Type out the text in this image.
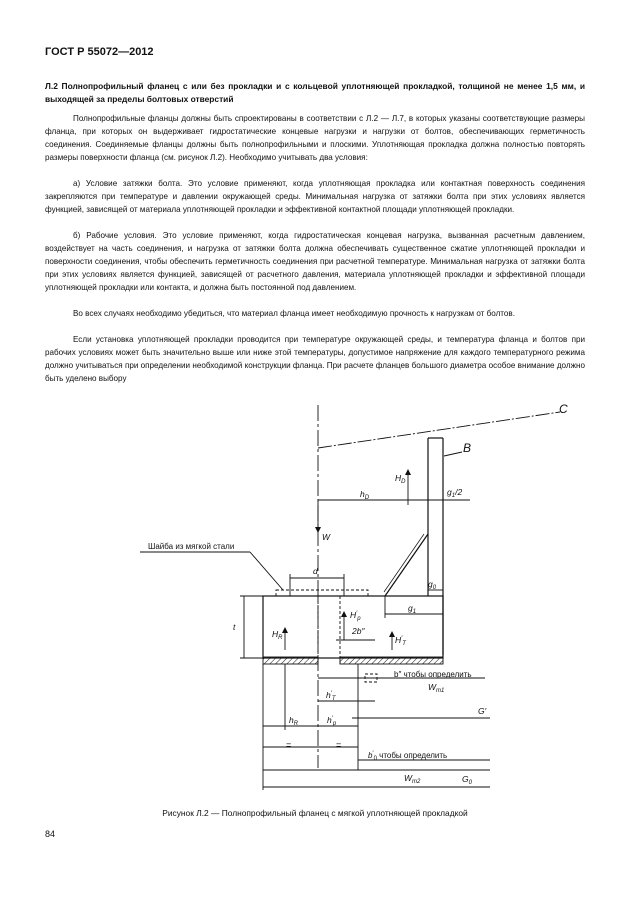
ГОСТ Р 55072—2012
Л.2 Полнопрофильный фланец с или без прокладки и с кольцевой уплотняющей прокладкой, толщиной не менее 1,5 мм, и выходящей за пределы болтовых отверстий

Полнопрофильные фланцы должны быть спроектированы в соответствии с Л.2 — Л.7, в которых указаны соответствующие размеры фланца, при которых он выдерживает гидростатические концевые нагрузки и нагрузки от болтов, обеспечивающих герметичность соединения. Соединяемые фланцы должны быть полнопрофильными и плоскими. Уплотняющая прокладка должна полностью повторять размеры поверхности фланца (см. рисунок Л.2). Необходимо учитывать два условия:

а) Условие затяжки болта. Это условие применяют, когда уплотняющая прокладка или контактная поверхность соединения закрепляются при температуре и давлении окружающей среды. Минимальная нагрузка от затяжки болта при этих условиях является функцией, зависящей от материала уплотняющей прокладки и эффективной контактной площади уплотняющей прокладки.

б) Рабочие условия. Это условие применяют, когда гидростатическая концевая нагрузка, вызванная расчетным давлением, воздействует на часть соединения, и нагрузка от затяжки болта должна обеспечивать существенное сжатие уплотняющей прокладки и поверхности соединения, чтобы обеспечить герметичность соединения при расчетной температуре. Минимальная нагрузка от затяжки болта при этих условиях является функцией, зависящей от расчетного давления, материала уплотняющей прокладки и эффективной площади уплотняющей прокладки или контакта, и должна быть постоянной под давлением.

Во всех случаях необходимо убедиться, что материал фланца имеет необходимую прочность к нагрузкам от болтов.

Если установка уплотняющей прокладки проводится при температуре окружающей среды, и температура фланца и болтов при рабочих условиях может быть значительно выше или ниже этой температуры, допустимое напряжение для каждого температурного режима должно учитываться при определении необходимой конструкции фланца. При расчете фланцев большого диаметра особое внимание должно быть уделено выбору

C
B
$H_D$
$h_D$
$g_1/2$
W
Шайба из мягкой стали
d
$g_0$
$g_1$
t
$H_R$
$H'_p$
2b″
$H'_T$
b″ чтобы определить
$W_{m1}$
$h'_T$
$h_R$	$h'_p$
G′
=	=
$b'_0$ чтобы определить
$W_{m2}$	$G_0$
Рисунок Л.2 — Полнопрофильный фланец с мягкой уплотняющей прокладкой
84
